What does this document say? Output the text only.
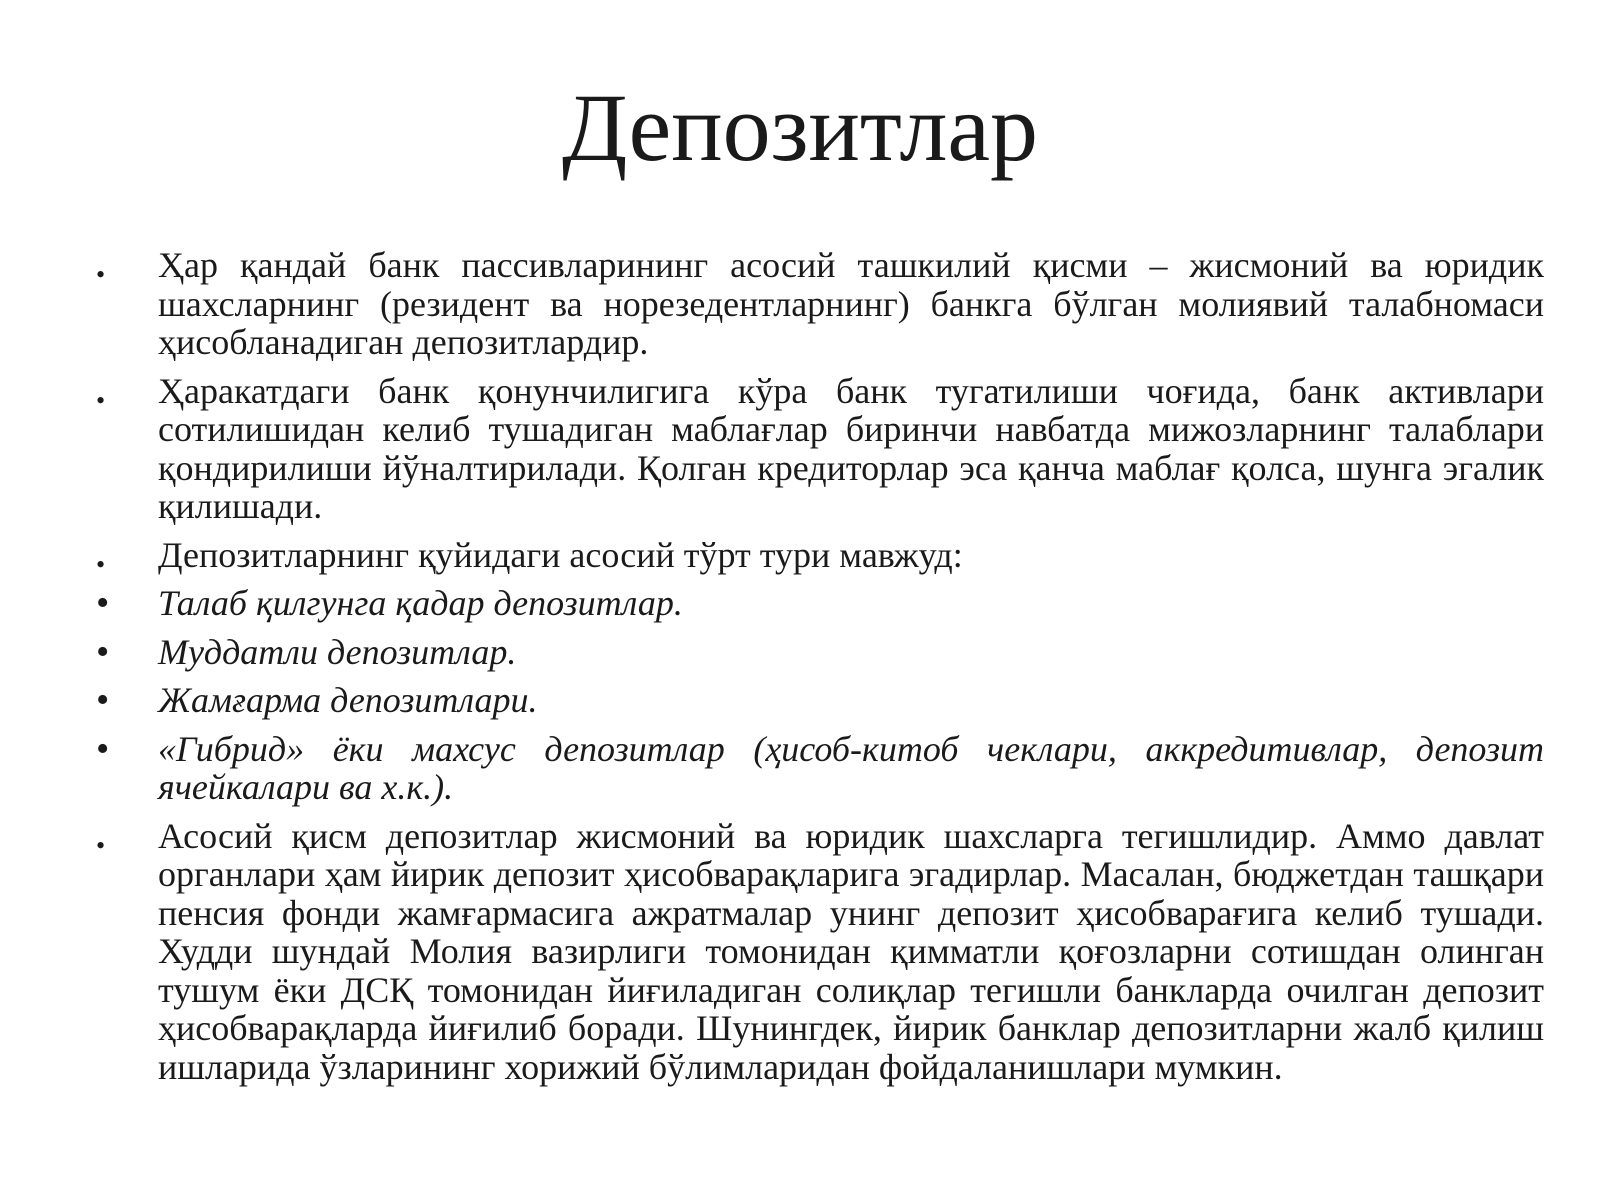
Депозитлар
•
Ҳар қандай банк пассивларининг асосий ташкилий қисми – жисмоний ва юридик шахсларнинг (резидент ва норезедентларнинг) банкга бўлган молиявий талабномаси ҳисобланадиган депозитлардир.
•
Ҳаракатдаги банк қонунчилигига кўра банк тугатилиши чоғида, банк активлари сотилишидан келиб тушадиган маблағлар биринчи навбатда мижозларнинг талаблари қондирилиши йўналтирилади. Қолган кредиторлар эса қанча маблағ қолса, шунга эгалик қилишади.
•
Депозитларнинг қуйидаги асосий тўрт тури мавжуд:
•
Талаб қилгунга қадар депозитлар.
•
Муддатли депозитлар.
•
Жамғарма депозитлари.
•
«Гибрид» ёки махсус депозитлар (ҳисоб-китоб чеклари, аккредитивлар, депозит ячейкалари ва х.к.).
•
Асосий қисм депозитлар жисмоний ва юридик шахсларга тегишлидир. Аммо давлат органлари ҳам йирик депозит ҳисобварақларига эгадирлар. Масалан, бюджетдан ташқари пенсия фонди жамғармасига ажратмалар унинг депозит ҳисобварағига келиб тушади. Худди шундай Молия вазирлиги томонидан қимматли қоғозларни сотишдан олинган тушум ёки ДСҚ томонидан йиғиладиган солиқлар тегишли банкларда очилган депозит ҳисобварақларда йиғилиб боради. Шунингдек, йирик банклар депозитларни жалб қилиш ишларида ўзларининг хорижий бўлимларидан фойдаланишлари мумкин.
